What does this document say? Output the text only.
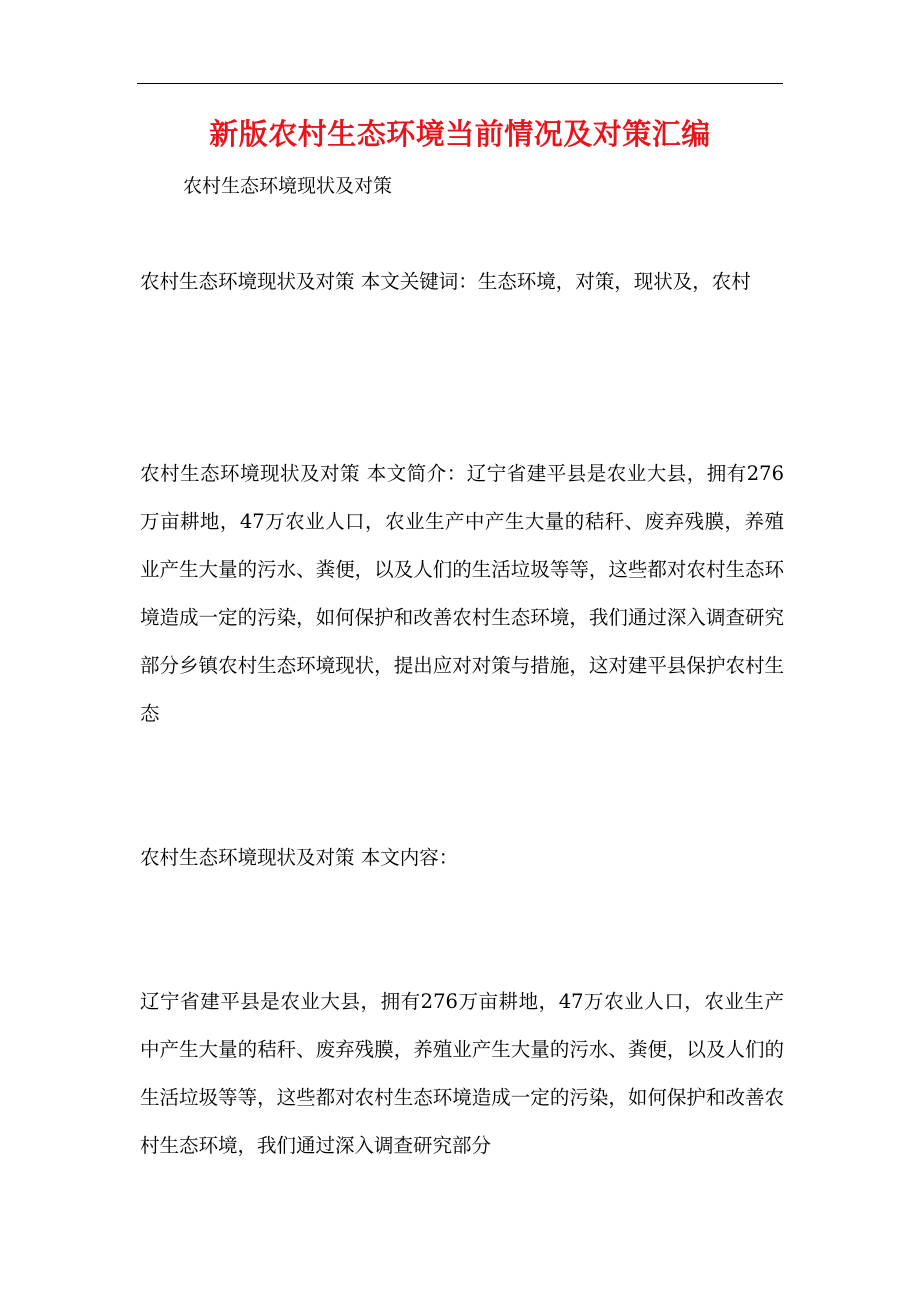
新版农村生态环境当前情况及对策汇编
农村生态环境现状及对策

农村生态环境现状及对策 本文关键词：生态环境，对策，现状及，农村

农村生态环境现状及对策 本文简介：辽宁省建平县是农业大县，拥有276万亩耕地，47万农业人口，农业生产中产生大量的秸秆、废弃残膜，养殖业产生大量的污水、粪便，以及人们的生活垃圾等等，这些都对农村生态环境造成一定的污染，如何保护和改善农村生态环境，我们通过深入调查研究部分乡镇农村生态环境现状，提出应对对策与措施，这对建平县保护农村生态

农村生态环境现状及对策 本文内容：

辽宁省建平县是农业大县，拥有276万亩耕地，47万农业人口，农业生产中产生大量的秸秆、废弃残膜，养殖业产生大量的污水、粪便，以及人们的生活垃圾等等，这些都对农村生态环境造成一定的污染，如何保护和改善农村生态环境，我们通过深入调查研究部分
